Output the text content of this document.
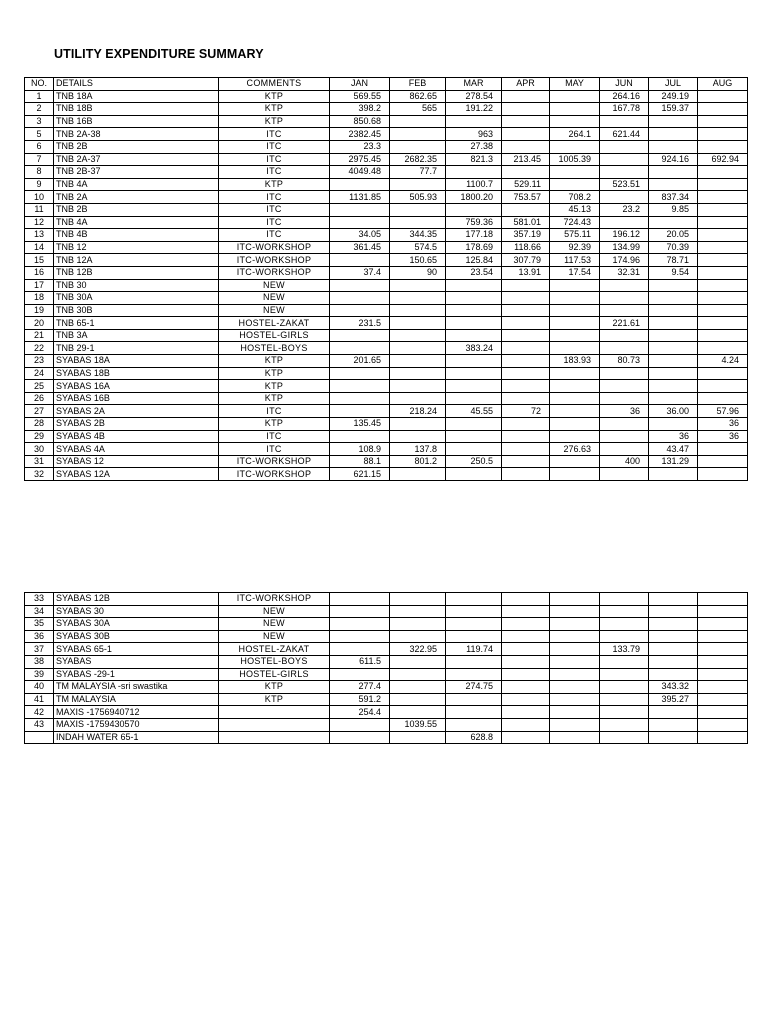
UTILITY EXPENDITURE SUMMARY
NO.	DETAILS	COMMENTS	JAN	FEB	MAR	APR	MAY	JUN	JUL	AUG
1	TNB 18A	KTP	569.55	862.65	278.54			264.16	249.19	
2	TNB 18B	KTP	398.2	565	191.22			167.78	159.37	
3	TNB 16B	KTP	850.68							
5	TNB 2A-38	ITC	2382.45		963		264.1	621.44		
6	TNB 2B	ITC	23.3		27.38					
7	TNB 2A-37	ITC	2975.45	2682.35	821.3	213.45	1005.39		924.16	692.94
8	TNB 2B-37	ITC	4049.48	77.7						
9	TNB 4A	KTP			1100.7	529.11		523.51		
10	TNB 2A	ITC	1131.85	505.93	1800.20	753.57	708.2		837.34	
11	TNB 2B	ITC					45.13	23.2	9.85	
12	TNB 4A	ITC			759.36	581.01	724.43			
13	TNB 4B	ITC	34.05	344.35	177.18	357.19	575.11	196.12	20.05	
14	TNB 12	ITC-WORKSHOP	361.45	574.5	178.69	118.66	92.39	134.99	70.39	
15	TNB 12A	ITC-WORKSHOP		150.65	125.84	307.79	117.53	174.96	78.71	
16	TNB 12B	ITC-WORKSHOP	37.4	90	23.54	13.91	17.54	32.31	9.54	
17	TNB 30	NEW								
18	TNB 30A	NEW								
19	TNB 30B	NEW								
20	TNB 65-1	HOSTEL-ZAKAT	231.5					221.61		
21	TNB 3A	HOSTEL-GIRLS								
22	TNB 29-1	HOSTEL-BOYS			383.24					
23	SYABAS 18A	KTP	201.65				183.93	80.73		4.24
24	SYABAS 18B	KTP								
25	SYABAS 16A	KTP								
26	SYABAS 16B	KTP								
27	SYABAS 2A	ITC		218.24	45.55	72		36	36.00	57.96
28	SYABAS 2B	KTP	135.45							36
29	SYABAS 4B	ITC							36	36
30	SYABAS 4A	ITC	108.9	137.8			276.63		43.47	
31	SYABAS 12	ITC-WORKSHOP	88.1	801.2	250.5			400	131.29	
32	SYABAS 12A	ITC-WORKSHOP	621.15							
33	SYABAS 12B	ITC-WORKSHOP								
34	SYABAS 30	NEW								
35	SYABAS 30A	NEW								
36	SYABAS 30B	NEW								
37	SYABAS 65-1	HOSTEL-ZAKAT		322.95	119.74			133.79		
38	SYABAS	HOSTEL-BOYS	611.5							
39	SYABAS -29-1	HOSTEL-GIRLS								
40	TM MALAYSIA -sri swastika	KTP	277.4		274.75				343.32	
41	TM MALAYSIA	KTP	591.2						395.27	
42	MAXIS -1756940712		254.4							
43	MAXIS -1759430570			1039.55						
	INDAH WATER 65-1				628.8					
